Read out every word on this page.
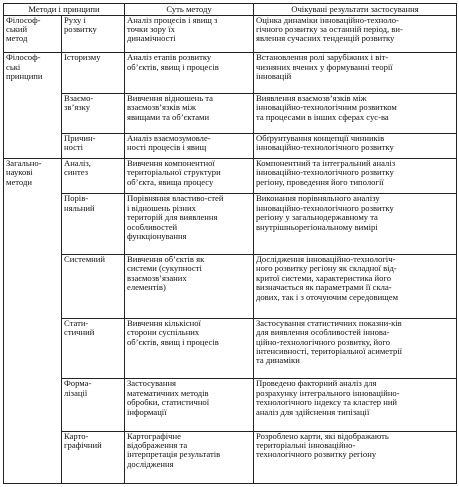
Методи і принципи		Суть методу	Очікувані результати застосування

Філософ-
ський
метод	Руху і
розвитку	Аналіз процесів і явищ з
точки зору їх
динамічності	Оцінка динаміки інноваційно-техноло-
гічного розвитку за останній період, ви-
явлення сучасних тенденцій розвитку

Філософ-
ські
принципи	Історизму	Аналіз етапів розвитку
об’єктів, явищ і процесів	Встановлення ролі зарубіжних і віт-
чизняних вчених у формуванні теорії
інновацій

	Взаємо-
зв’язку	Вивчення відношень та
взаємозв’язків між
явищами та об’єктами	Виявлення взаємозв’язків між
інноваційно-технологічним розвитком
та процесами в інших сферах сус-ва

	Причин-
ності	Аналіз взаємозумовле-
ності процесів і явищ	Обґрунтування концепції чинників
інноваційно-технологічного розвитку

Загально-
наукові
методи	Аналіз,
синтез	Вивчення компонентної
територіальної структури
об’єкта, явища процесу	Компонентний та інтегральний аналіз
інноваційно-технологічного розвитку
регіону, проведення його типології

	Порів-
няльний	Порівняння властиво-стей
і відношень різних
територій для виявлення
особливостей
функціонування	Виконання порівняльного аналізу
інноваційно-технологічного розвитку
регіону у загальнодержавному та
внутрішньорегіональному вимірі

	Системний	Вивчення об’єктів як
системи (сукупності
взаємозв’язаних
елементів)	Дослідження інноваційно-технологіч-
ного розвитку регіону як складної від-
критої системи, характеристика його
визначається як параметрами її скла-
дових, так і з оточуючим середовищем

	Стати-
стичний	Вивчення кількісної
сторони суспільних
об’єктів, явищ і процесів	Застосування статистичних показни-ків
для виявлення особливостей іннова-
ційно-технологічного розвитку, його
інтенсивності, територіальної асиметрії
та динаміки

	Форма-
лізації	Застосування
математичних методів
обробки, статистичної
інформації	Проведено факторний аналіз для
розрахунку інтегрального інноваційно-
технологічного індексу та кластер ний
аналіз для здійснення типізації

	Карто-
графічний	Картографічне
відображення та
інтерпретація результатів
дослідження	Розроблено карти, які відображають
територіальні інноваційно-
технологічного розвитку регіону
